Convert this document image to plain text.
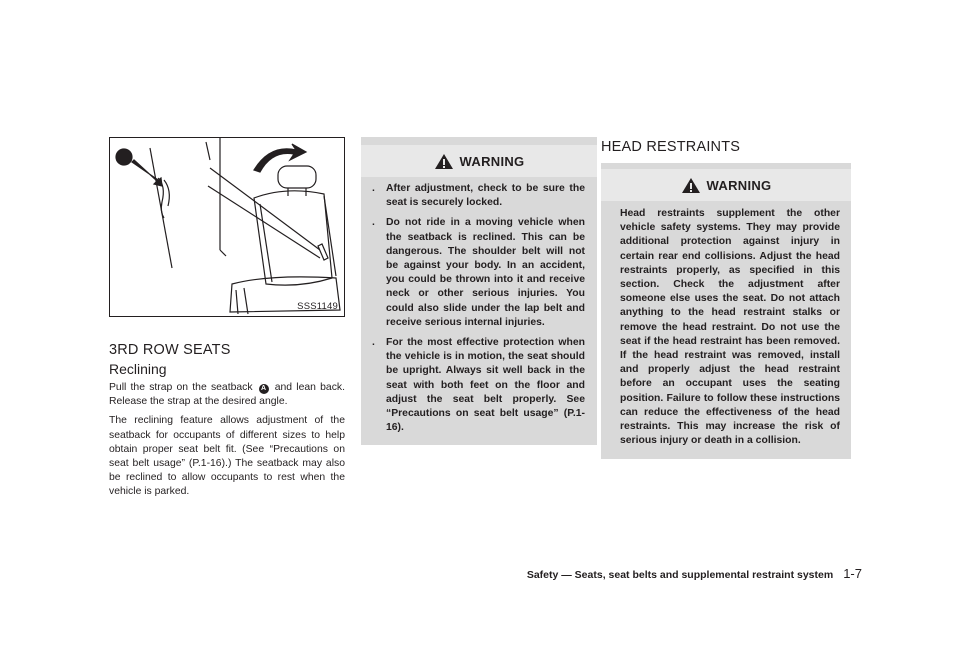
SSS1149
3RD ROW SEATS
Reclining

Pull the strap on the seatback A and lean back. Release the strap at the desired angle.

The reclining feature allows adjustment of the seatback for occupants of different sizes to help obtain proper seat belt fit. (See “Precautions on seat belt usage” (P.1-16).) The seatback may also be reclined to allow occupants to rest when the vehicle is parked.

WARNING
. After adjustment, check to be sure the seat is securely locked.
. Do not ride in a moving vehicle when the seatback is reclined. This can be dangerous. The shoulder belt will not be against your body. In an accident, you could be thrown into it and receive neck or other serious injuries. You could also slide under the lap belt and receive serious internal injuries.
. For the most effective protection when the vehicle is in motion, the seat should be upright. Always sit well back in the seat with both feet on the floor and adjust the seat belt properly. See “Precautions on seat belt usage” (P.1-16).
HEAD RESTRAINTS
WARNING
Head restraints supplement the other vehicle safety systems. They may provide additional protection against injury in certain rear end collisions. Adjust the head restraints properly, as specified in this section. Check the adjustment after someone else uses the seat. Do not attach anything to the head restraint stalks or remove the head restraint. Do not use the seat if the head restraint has been removed. If the head restraint was removed, install and properly adjust the head restraint before an occupant uses the seating position. Failure to follow these instructions can reduce the effectiveness of the head restraints. This may increase the risk of serious injury or death in a collision.
Safety — Seats, seat belts and supplemental restraint system 1-7
